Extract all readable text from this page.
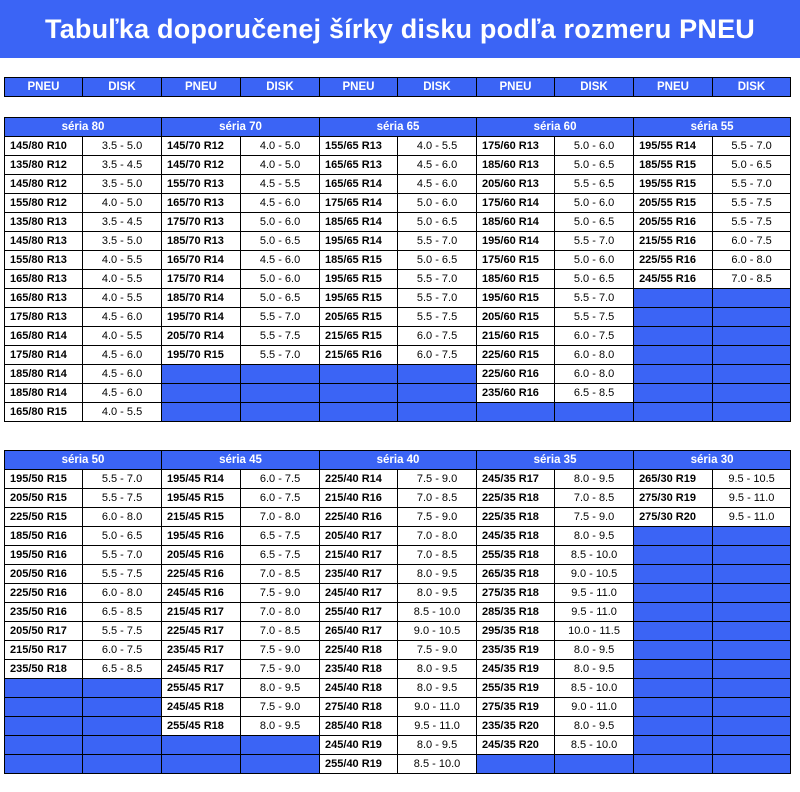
Tabuľka doporučenej šírky disku podľa rozmeru PNEU
PNEU	DISK	PNEU	DISK	PNEU	DISK	PNEU	DISK	PNEU	DISK
séria 80		séria 70		séria 65		séria 60		séria 55	
145/80 R10	3.5 - 5.0	145/70 R12	4.0 - 5.0	155/65 R13	4.0 - 5.5	175/60 R13	5.0 - 6.0	195/55 R14	5.5 - 7.0
135/80 R12	3.5 - 4.5	145/70 R12	4.0 - 5.0	165/65 R13	4.5 - 6.0	185/60 R13	5.0 - 6.5	185/55 R15	5.0 - 6.5
145/80 R12	3.5 - 5.0	155/70 R13	4.5 - 5.5	165/65 R14	4.5 - 6.0	205/60 R13	5.5 - 6.5	195/55 R15	5.5 - 7.0
155/80 R12	4.0 - 5.0	165/70 R13	4.5 - 6.0	175/65 R14	5.0 - 6.0	175/60 R14	5.0 - 6.0	205/55 R15	5.5 - 7.5
135/80 R13	3.5 - 4.5	175/70 R13	5.0 - 6.0	185/65 R14	5.0 - 6.5	185/60 R14	5.0 - 6.5	205/55 R16	5.5 - 7.5
145/80 R13	3.5 - 5.0	185/70 R13	5.0 - 6.5	195/65 R14	5.5 - 7.0	195/60 R14	5.5 - 7.0	215/55 R16	6.0 - 7.5
155/80 R13	4.0 - 5.5	165/70 R14	4.5 - 6.0	185/65 R15	5.0 - 6.5	175/60 R15	5.0 - 6.0	225/55 R16	6.0 - 8.0
165/80 R13	4.0 - 5.5	175/70 R14	5.0 - 6.0	195/65 R15	5.5 - 7.0	185/60 R15	5.0 - 6.5	245/55 R16	7.0 - 8.5
165/80 R13	4.0 - 5.5	185/70 R14	5.0 - 6.5	195/65 R15	5.5 - 7.0	195/60 R15	5.5 - 7.0		
175/80 R13	4.5 - 6.0	195/70 R14	5.5 - 7.0	205/65 R15	5.5 - 7.5	205/60 R15	5.5 - 7.5		
165/80 R14	4.0 - 5.5	205/70 R14	5.5 - 7.5	215/65 R15	6.0 - 7.5	215/60 R15	6.0 - 7.5		
175/80 R14	4.5 - 6.0	195/70 R15	5.5 - 7.0	215/65 R16	6.0 - 7.5	225/60 R15	6.0 - 8.0		
185/80 R14	4.5 - 6.0					225/60 R16	6.0 - 8.0		
185/80 R14	4.5 - 6.0					235/60 R16	6.5 - 8.5		
165/80 R15	4.0 - 5.5								

séria 50		séria 45		séria 40		séria 35		séria 30	
195/50 R15	5.5 - 7.0	195/45 R14	6.0 - 7.5	225/40 R14	7.5 - 9.0	245/35 R17	8.0 - 9.5	265/30 R19	9.5 - 10.5
205/50 R15	5.5 - 7.5	195/45 R15	6.0 - 7.5	215/40 R16	7.0 - 8.5	225/35 R18	7.0 - 8.5	275/30 R19	9.5 - 11.0
225/50 R15	6.0 - 8.0	215/45 R15	7.0 - 8.0	225/40 R16	7.5 - 9.0	225/35 R18	7.5 - 9.0	275/30 R20	9.5 - 11.0
185/50 R16	5.0 - 6.5	195/45 R16	6.5 - 7.5	205/40 R17	7.0 - 8.0	245/35 R18	8.0 - 9.5		
195/50 R16	5.5 - 7.0	205/45 R16	6.5 - 7.5	215/40 R17	7.0 - 8.5	255/35 R18	8.5 - 10.0		
205/50 R16	5.5 - 7.5	225/45 R16	7.0 - 8.5	235/40 R17	8.0 - 9.5	265/35 R18	9.0 - 10.5		
225/50 R16	6.0 - 8.0	245/45 R16	7.5 - 9.0	245/40 R17	8.0 - 9.5	275/35 R18	9.5 - 11.0		
235/50 R16	6.5 - 8.5	215/45 R17	7.0 - 8.0	255/40 R17	8.5 - 10.0	285/35 R18	9.5 - 11.0		
205/50 R17	5.5 - 7.5	225/45 R17	7.0 - 8.5	265/40 R17	9.0 - 10.5	295/35 R18	10.0 - 11.5		
215/50 R17	6.0 - 7.5	235/45 R17	7.5 - 9.0	225/40 R18	7.5 - 9.0	235/35 R19	8.0 - 9.5		
235/50 R18	6.5 - 8.5	245/45 R17	7.5 - 9.0	235/40 R18	8.0 - 9.5	245/35 R19	8.0 - 9.5		
		255/45 R17	8.0 - 9.5	245/40 R18	8.0 - 9.5	255/35 R19	8.5 - 10.0		
		245/45 R18	7.5 - 9.0	275/40 R18	9.0 - 11.0	275/35 R19	9.0 - 11.0		
		255/45 R18	8.0 - 9.5	285/40 R18	9.5 - 11.0	235/35 R20	8.0 - 9.5		
				245/40 R19	8.0 - 9.5	245/35 R20	8.5 - 10.0		
				255/40 R19	8.5 - 10.0				
